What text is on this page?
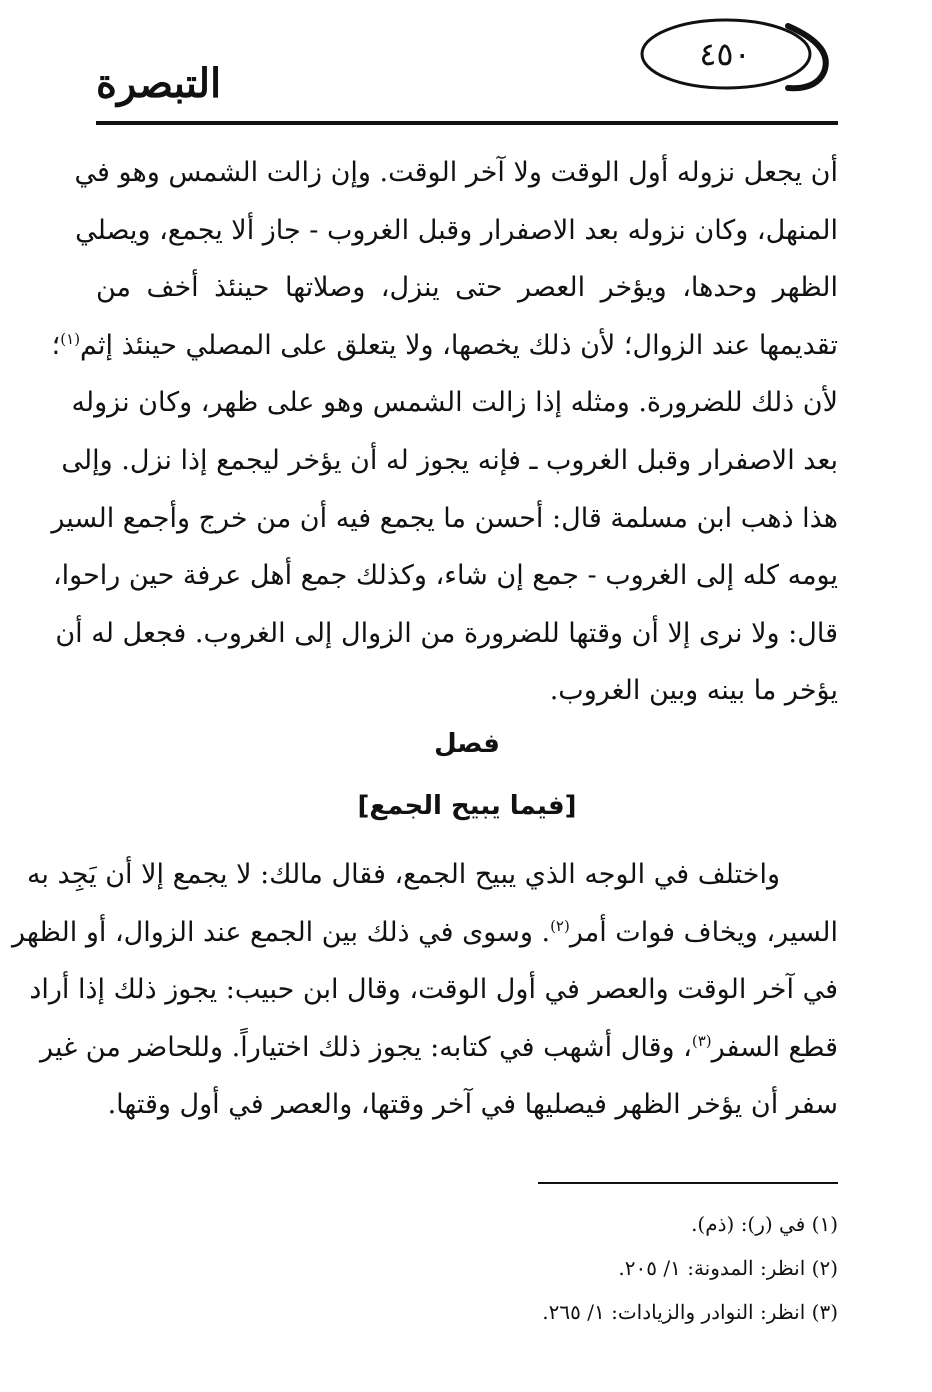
التبصرة
٤٥٠
أن يجعل نزوله أول الوقت ولا آخر الوقت. وإن زالت الشمس وهو في
المنهل، وكان نزوله بعد الاصفرار وقبل الغروب - جاز ألا يجمع، ويصلي
الظهر وحدها، ويؤخر العصر حتى ينزل، وصلاتها حينئذ أخف من
تقديمها عند الزوال؛ لأن ذلك يخصها، ولا يتعلق على المصلي حينئذ إثم$^{(١)}$؛
لأن ذلك للضرورة. ومثله إذا زالت الشمس وهو على ظهر، وكان نزوله
بعد الاصفرار وقبل الغروب ـ فإنه يجوز له أن يؤخر ليجمع إذا نزل. وإلى
هذا ذهب ابن مسلمة قال: أحسن ما يجمع فيه أن من خرج وأجمع السير
يومه كله إلى الغروب - جمع إن شاء، وكذلك جمع أهل عرفة حين راحوا،
قال: ولا نرى إلا أن وقتها للضرورة من الزوال إلى الغروب. فجعل له أن
يؤخر ما بينه وبين الغروب.
فصل
[فيما يبيح الجمع]
واختلف في الوجه الذي يبيح الجمع، فقال مالك: لا يجمع إلا أن يَجِد به
السير، ويخاف فوات أمر$^{(٢)}$. وسوى في ذلك بين الجمع عند الزوال، أو الظهر
في آخر الوقت والعصر في أول الوقت، وقال ابن حبيب: يجوز ذلك إذا أراد
قطع السفر$^{(٣)}$، وقال أشهب في كتابه: يجوز ذلك اختياراً. وللحاضر من غير
سفر أن يؤخر الظهر فيصليها في آخر وقتها، والعصر في أول وقتها.
(١) في (ر): (ذم).
(٢) انظر: المدونة: ١/ ٢٠٥.
(٣) انظر: النوادر والزيادات: ١/ ٢٦٥.
